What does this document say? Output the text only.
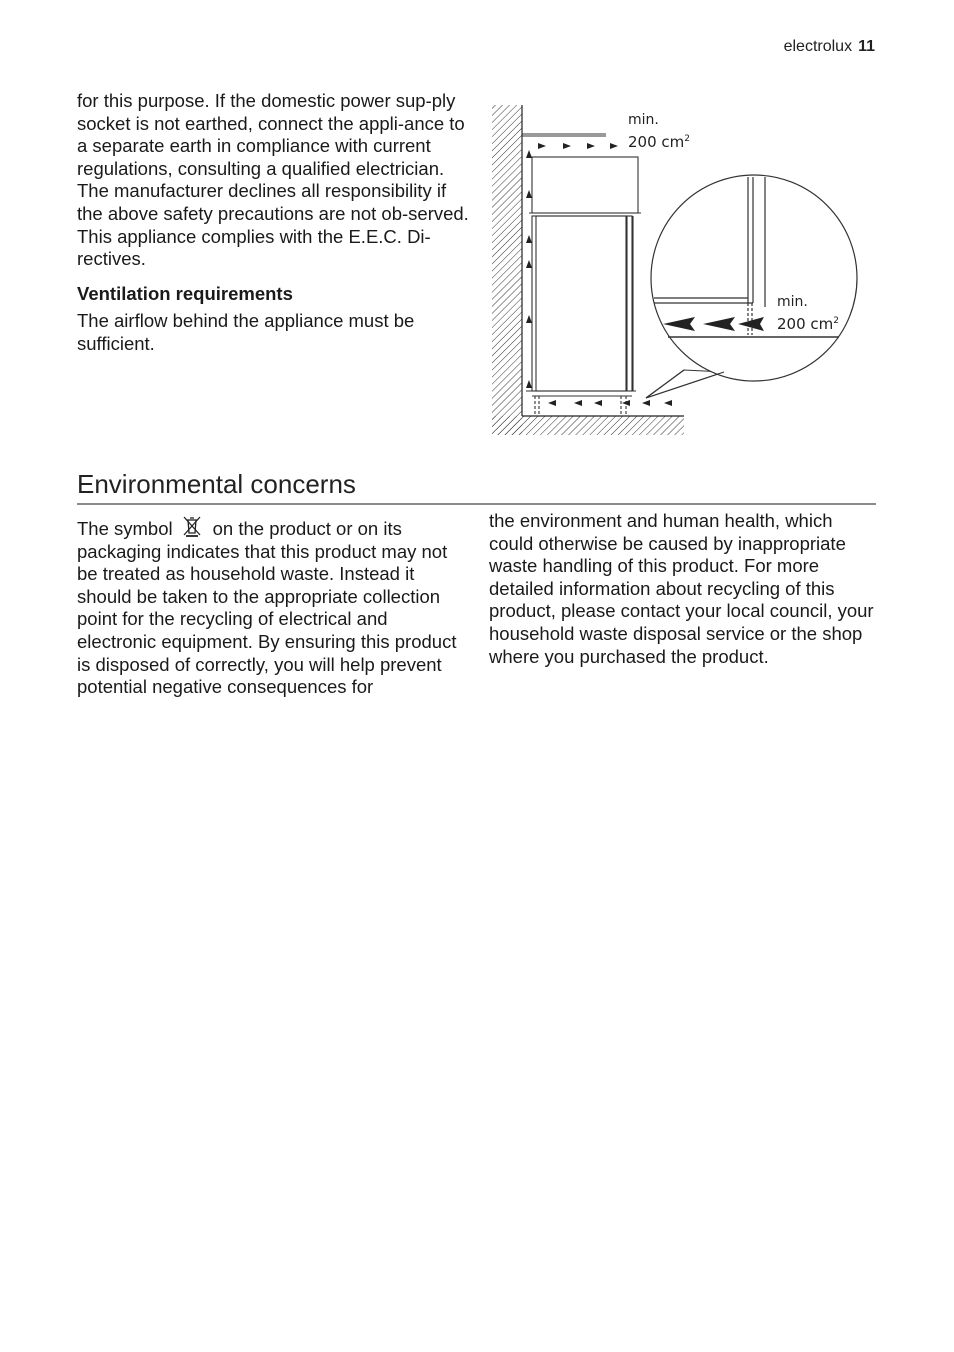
electrolux 11

for this purpose. If the domestic power sup-ply socket is not earthed, connect the appli-ance to a separate earth in compliance with current regulations, consulting a qualified electrician.

The manufacturer declines all responsibility if the above safety precautions are not ob-served.

This appliance complies with the E.E.C. Di-rectives.

Ventilation requirements

The airflow behind the appliance must be sufficient.

min.
200 $cm^2$
min.
200 $cm^2$
Environmental concerns

The symbol on the product or on its packaging indicates that this product may not be treated as household waste. Instead it should be taken to the appropriate collection point for the recycling of electrical and electronic equipment. By ensuring this product is disposed of correctly, you will help prevent potential negative consequences for

the environment and human health, which could otherwise be caused by inappropriate waste handling of this product. For more detailed information about recycling of this product, please contact your local council, your household waste disposal service or the shop where you purchased the product.
